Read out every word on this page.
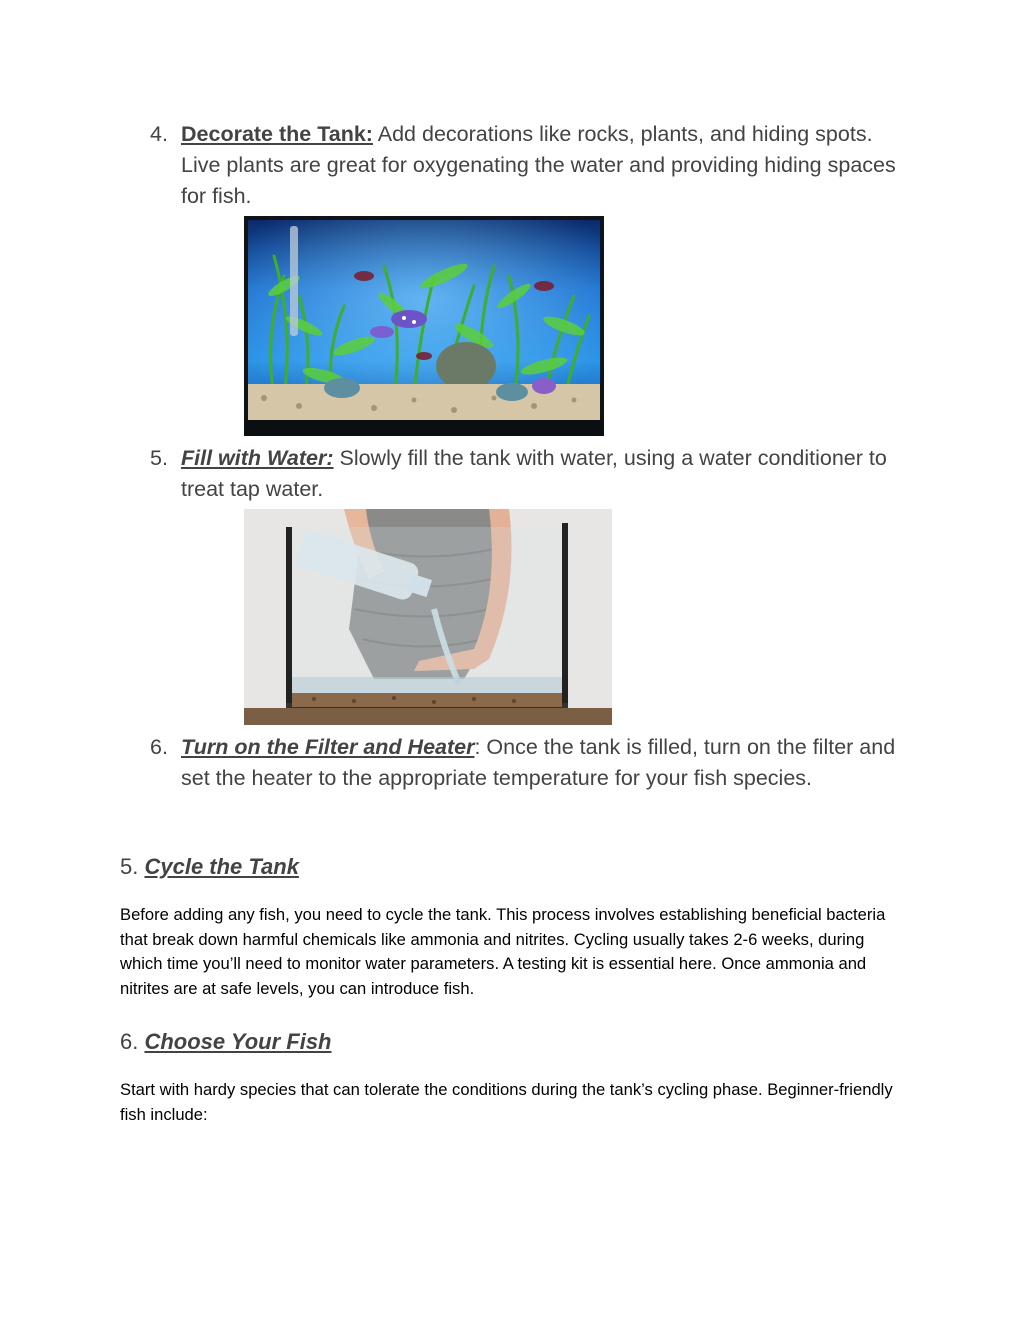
4. Decorate the Tank: Add decorations like rocks, plants, and hiding spots. Live plants are great for oxygenating the water and providing hiding spaces for fish.
5. Fill with Water: Slowly fill the tank with water, using a water conditioner to treat tap water.
6. Turn on the Filter and Heater: Once the tank is filled, turn on the filter and set the heater to the appropriate temperature for your fish species.
5. Cycle the Tank
Before adding any fish, you need to cycle the tank. This process involves establishing beneficial bacteria that break down harmful chemicals like ammonia and nitrites. Cycling usually takes 2-6 weeks, during which time you’ll need to monitor water parameters. A testing kit is essential here. Once ammonia and nitrites are at safe levels, you can introduce fish.
6. Choose Your Fish
Start with hardy species that can tolerate the conditions during the tank’s cycling phase. Beginner-friendly fish include:
